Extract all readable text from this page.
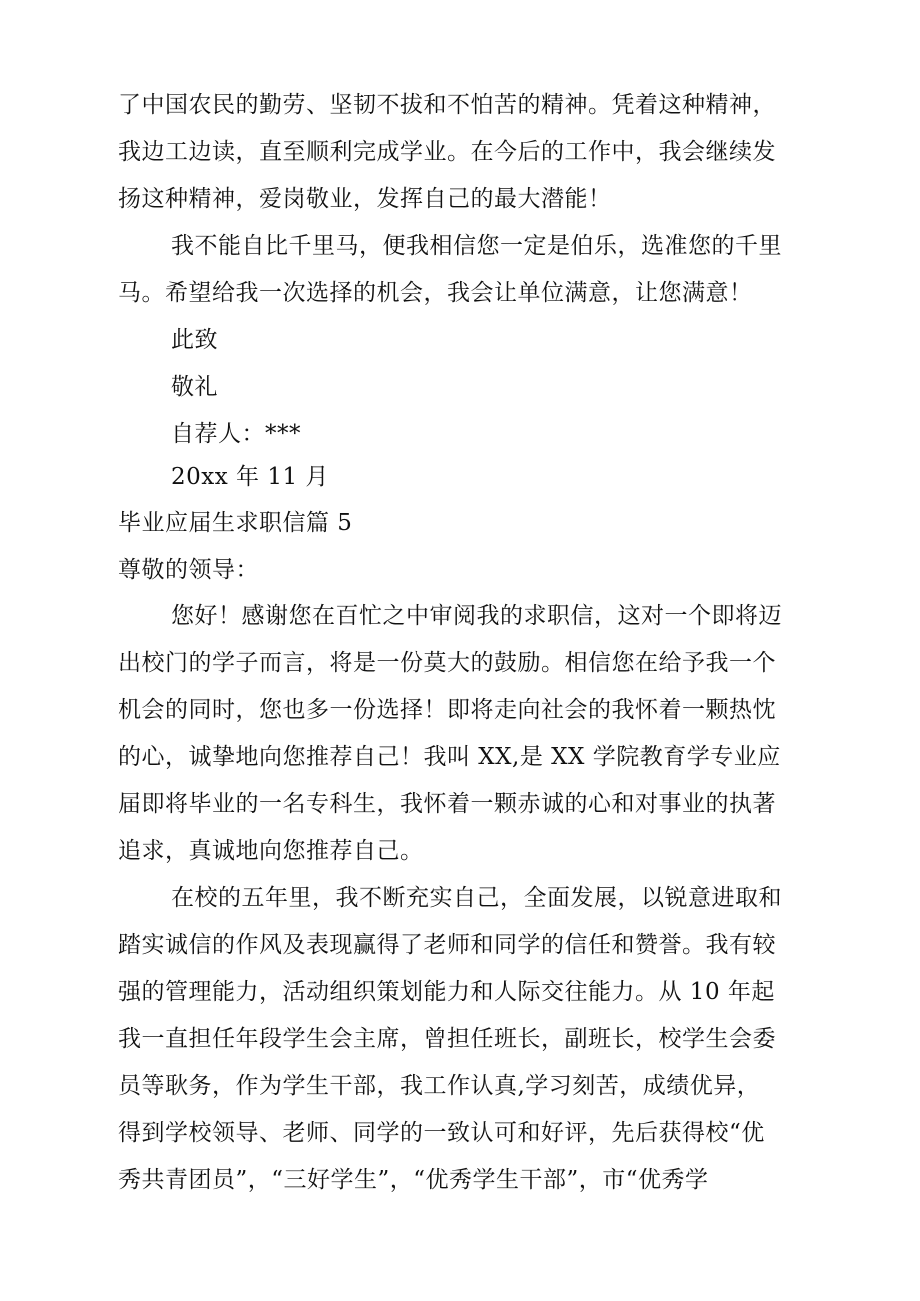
了中国农民的勤劳、坚韧不拔和不怕苦的精神。凭着这种精神，
我边工边读，直至顺利完成学业。在今后的工作中，我会继续发
扬这种精神，爱岗敬业，发挥自己的最大潜能！
我不能自比千里马，便我相信您一定是伯乐，选准您的千里
马。希望给我一次选择的机会，我会让单位满意，让您满意！
此致
敬礼
自荐人：***
20xx 年 11 月
毕业应届生求职信篇 5
尊敬的领导：
您好！感谢您在百忙之中审阅我的求职信，这对一个即将迈
出校门的学子而言，将是一份莫大的鼓励。相信您在给予我一个
机会的同时，您也多一份选择！即将走向社会的我怀着一颗热忱
的心，诚挚地向您推荐自己！我叫 XX,是 XX 学院教育学专业应
届即将毕业的一名专科生，我怀着一颗赤诚的心和对事业的执著
追求，真诚地向您推荐自己。
在校的五年里，我不断充实自己，全面发展，以锐意进取和
踏实诚信的作风及表现赢得了老师和同学的信任和赞誉。我有较
强的管理能力，活动组织策划能力和人际交往能力。从 10 年起
我一直担任年段学生会主席，曾担任班长，副班长，校学生会委
员等耿务，作为学生干部，我工作认真,学习刻苦，成绩优异，
得到学校领导、老师、同学的一致认可和好评，先后获得校“优
秀共青团员”，“三好学生”，“优秀学生干部”，市“优秀学
